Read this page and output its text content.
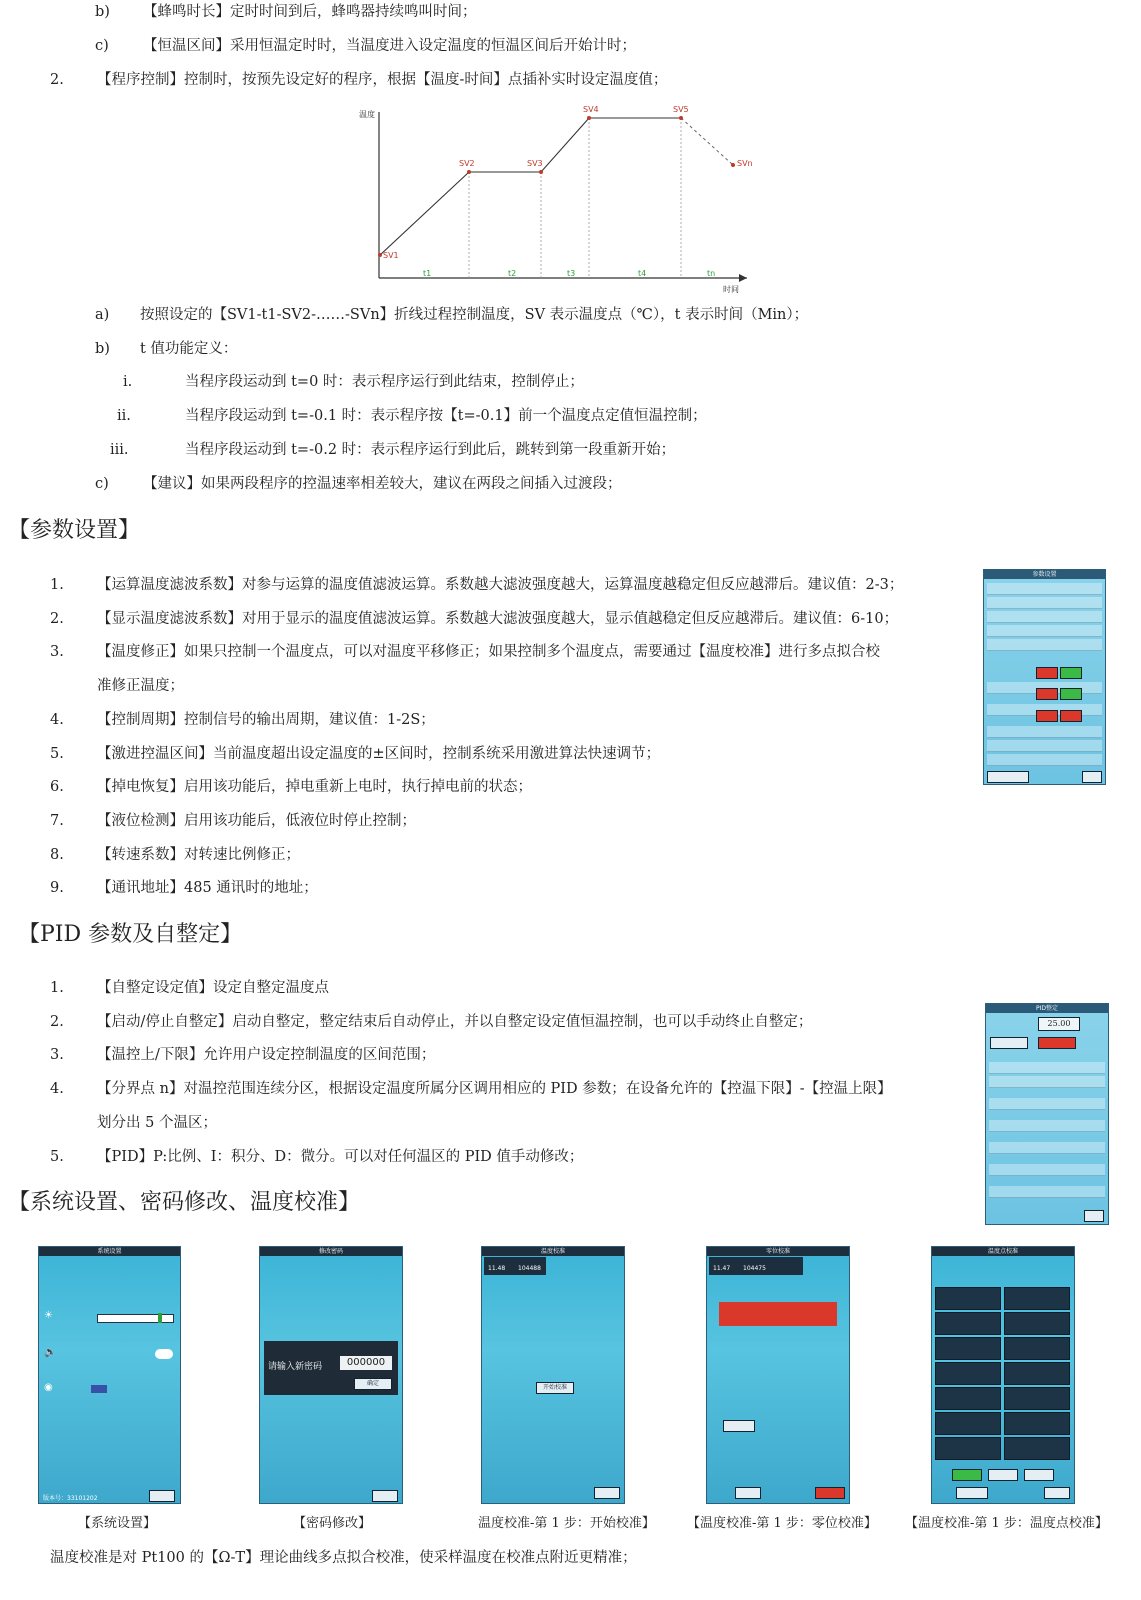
b) 【蜂鸣时长】定时时间到后，蜂鸣器持续鸣叫时间；
c) 【恒温区间】采用恒温定时时，当温度进入设定温度的恒温区间后开始计时；
2. 【程序控制】控制时，按预先设定好的程序，根据【温度-时间】点插补实时设定温度值；
温度
时间
SV1
SV2	SV3
SV4	SV5
SVn
t1	t2	t3	t4	tn
a) 按照设定的【SV1-t1-SV2-……-SVn】折线过程控制温度，SV 表示温度点（℃），t 表示时间（Min）；
b) t 值功能定义：
i.	当程序段运动到 t=0 时：表示程序运行到此结束，控制停止；
ii.	当程序段运动到 t=-0.1 时：表示程序按【t=-0.1】前一个温度点定值恒温控制；
iii.	当程序段运动到 t=-0.2 时：表示程序运行到此后，跳转到第一段重新开始；
c) 【建议】如果两段程序的控温速率相差较大，建议在两段之间插入过渡段；
【参数设置】
1. 【运算温度滤波系数】对参与运算的温度值滤波运算。系数越大滤波强度越大，运算温度越稳定但反应越滞后。建议值：2-3；
2. 【显示温度滤波系数】对用于显示的温度值滤波运算。系数越大滤波强度越大，显示值越稳定但反应越滞后。建议值：6-10；
3. 【温度修正】如果只控制一个温度点，可以对温度平移修正；如果控制多个温度点，需要通过【温度校准】进行多点拟合校
准修正温度；
4. 【控制周期】控制信号的输出周期，建议值：1-2S；
5. 【激进控温区间】当前温度超出设定温度的±区间时，控制系统采用激进算法快速调节；
6. 【掉电恢复】启用该功能后，掉电重新上电时，执行掉电前的状态；
7. 【液位检测】启用该功能后，低液位时停止控制；
8. 【转速系数】对转速比例修正；
9. 【通讯地址】485 通讯时的地址；
参数设置
【PID 参数及自整定】
1. 【自整定设定值】设定自整定温度点
2. 【启动/停止自整定】启动自整定，整定结束后自动停止，并以自整定设定值恒温控制，也可以手动终止自整定；
3. 【温控上/下限】允许用户设定控制温度的区间范围；
4. 【分界点 n】对温控范围连续分区，根据设定温度所属分区调用相应的 PID 参数；在设备允许的【控温下限】-【控温上限】
划分出 5 个温区；
5. 【PID】P:比例、I：积分、D：微分。可以对任何温区的 PID 值手动修改；
PID整定
25.00
【系统设置、密码修改、温度校准】
系统设置
☀
🔈
◉
版本号：33101202
【系统设置】
修改密码
请输入新密码	000000
确定
【密码修改】
温度校准
11.48 104488
开始校准
温度校准-第 1 步：开始校准】
零位校准
11.47 104475
【温度校准-第 1 步：零位校准】
温度点校准
【温度校准-第 1 步：温度点校准】
温度校准是对 Pt100 的【Ω-T】理论曲线多点拟合校准，使采样温度在校准点附近更精准；
